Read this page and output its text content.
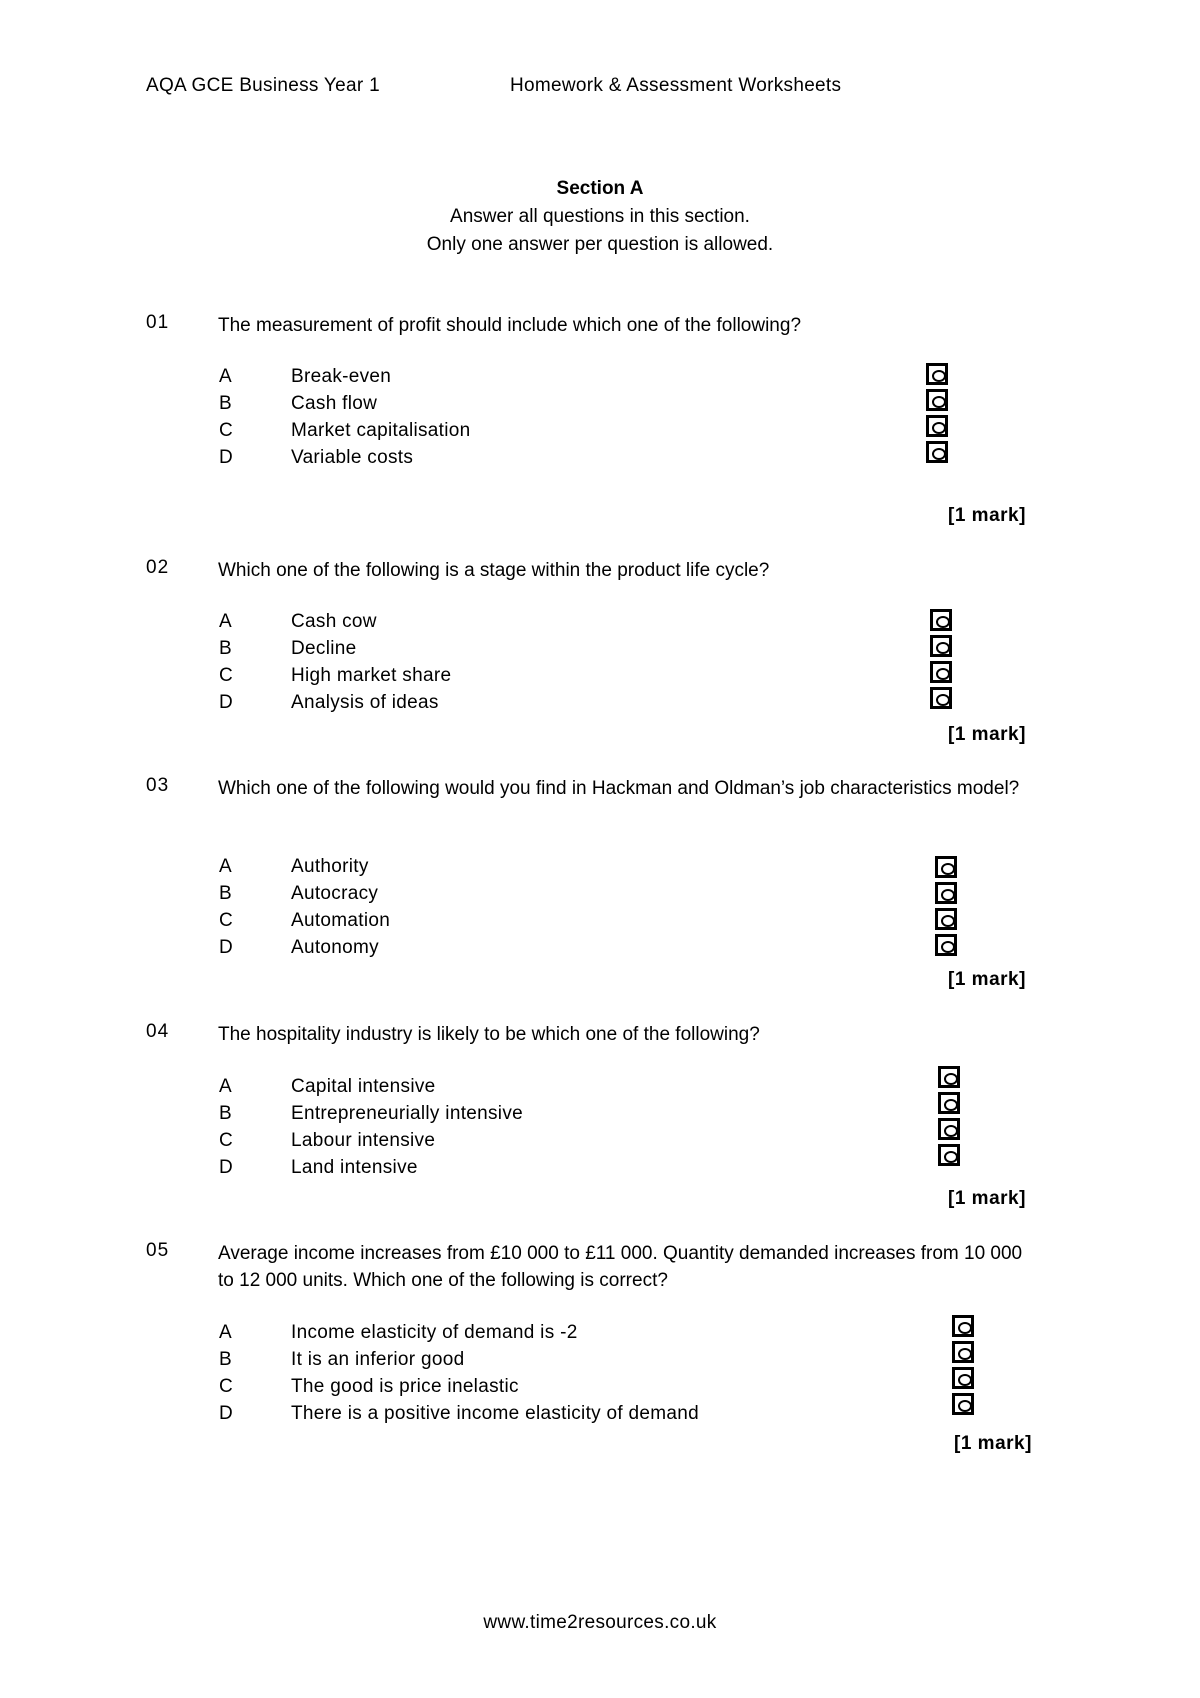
AQA GCE Business Year 1	Homework & Assessment Worksheets
Section A
Answer all questions in this section.
Only one answer per question is allowed.
01	The measurement of profit should include which one of the following?
A	Break-even
B	Cash flow
C	Market capitalisation
D	Variable costs
[1 mark]
02	Which one of the following is a stage within the product life cycle?
A	Cash cow
B	Decline
C	High market share
D	Analysis of ideas
[1 mark]
03	Which one of the following would you find in Hackman and Oldman’s job characteristics model?
A	Authority
B	Autocracy
C	Automation
D	Autonomy
[1 mark]
04	The hospitality industry is likely to be which one of the following?
A	Capital intensive
B	Entrepreneurially intensive
C	Labour intensive
D	Land intensive
[1 mark]
05	Average income increases from £10 000 to £11 000. Quantity demanded increases from 10 000 to 12 000 units. Which one of the following is correct?
A	Income elasticity of demand is -2
B	It is an inferior good
C	The good is price inelastic
D	There is a positive income elasticity of demand
[1 mark]
www.time2resources.co.uk
